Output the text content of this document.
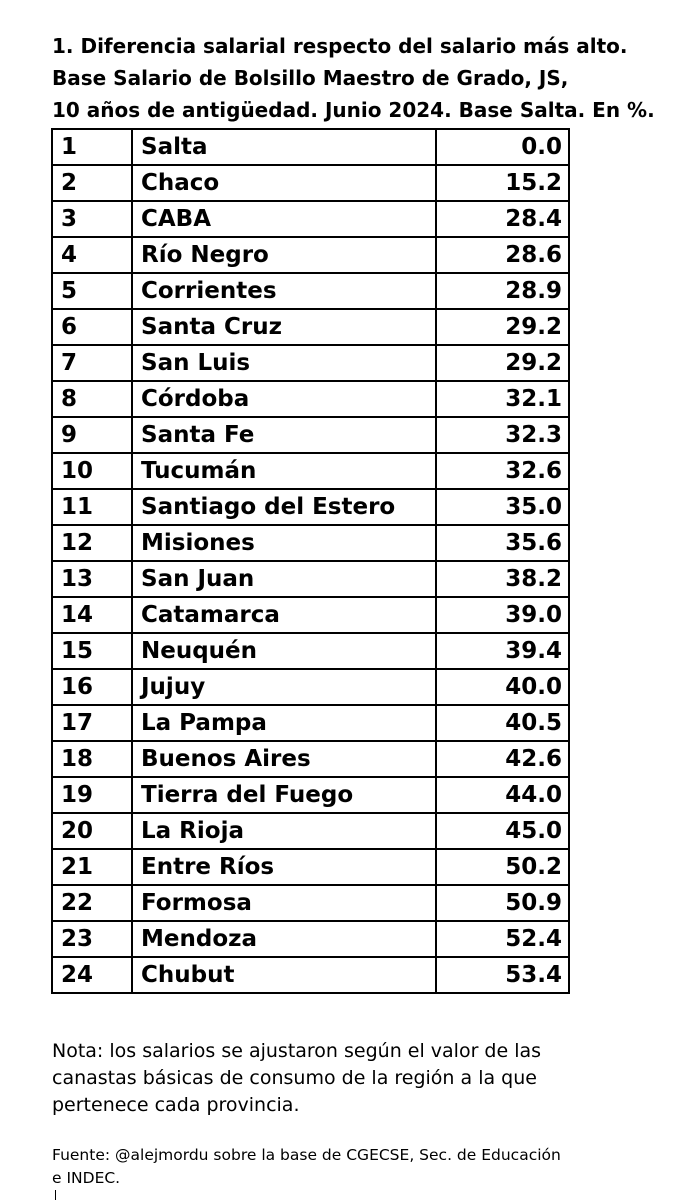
1. Diferencia salarial respecto del salario más alto.
Base Salario de Bolsillo Maestro de Grado, JS,
10 años de antigüedad. Junio 2024. Base Salta. En %.
1	Salta	0.0
2	Chaco	15.2
3	CABA	28.4
4	Río Negro	28.6
5	Corrientes	28.9
6	Santa Cruz	29.2
7	San Luis	29.2
8	Córdoba	32.1
9	Santa Fe	32.3
10	Tucumán	32.6
11	Santiago del Estero	35.0
12	Misiones	35.6
13	San Juan	38.2
14	Catamarca	39.0
15	Neuquén	39.4
16	Jujuy	40.0
17	La Pampa	40.5
18	Buenos Aires	42.6
19	Tierra del Fuego	44.0
20	La Rioja	45.0
21	Entre Ríos	50.2
22	Formosa	50.9
23	Mendoza	52.4
24	Chubut	53.4
Nota: los salarios se ajustaron según el valor de las
canastas básicas de consumo de la región a la que
pertenece cada provincia.
Fuente: @alejmordu sobre la base de CGECSE, Sec. de Educación
e INDEC.
